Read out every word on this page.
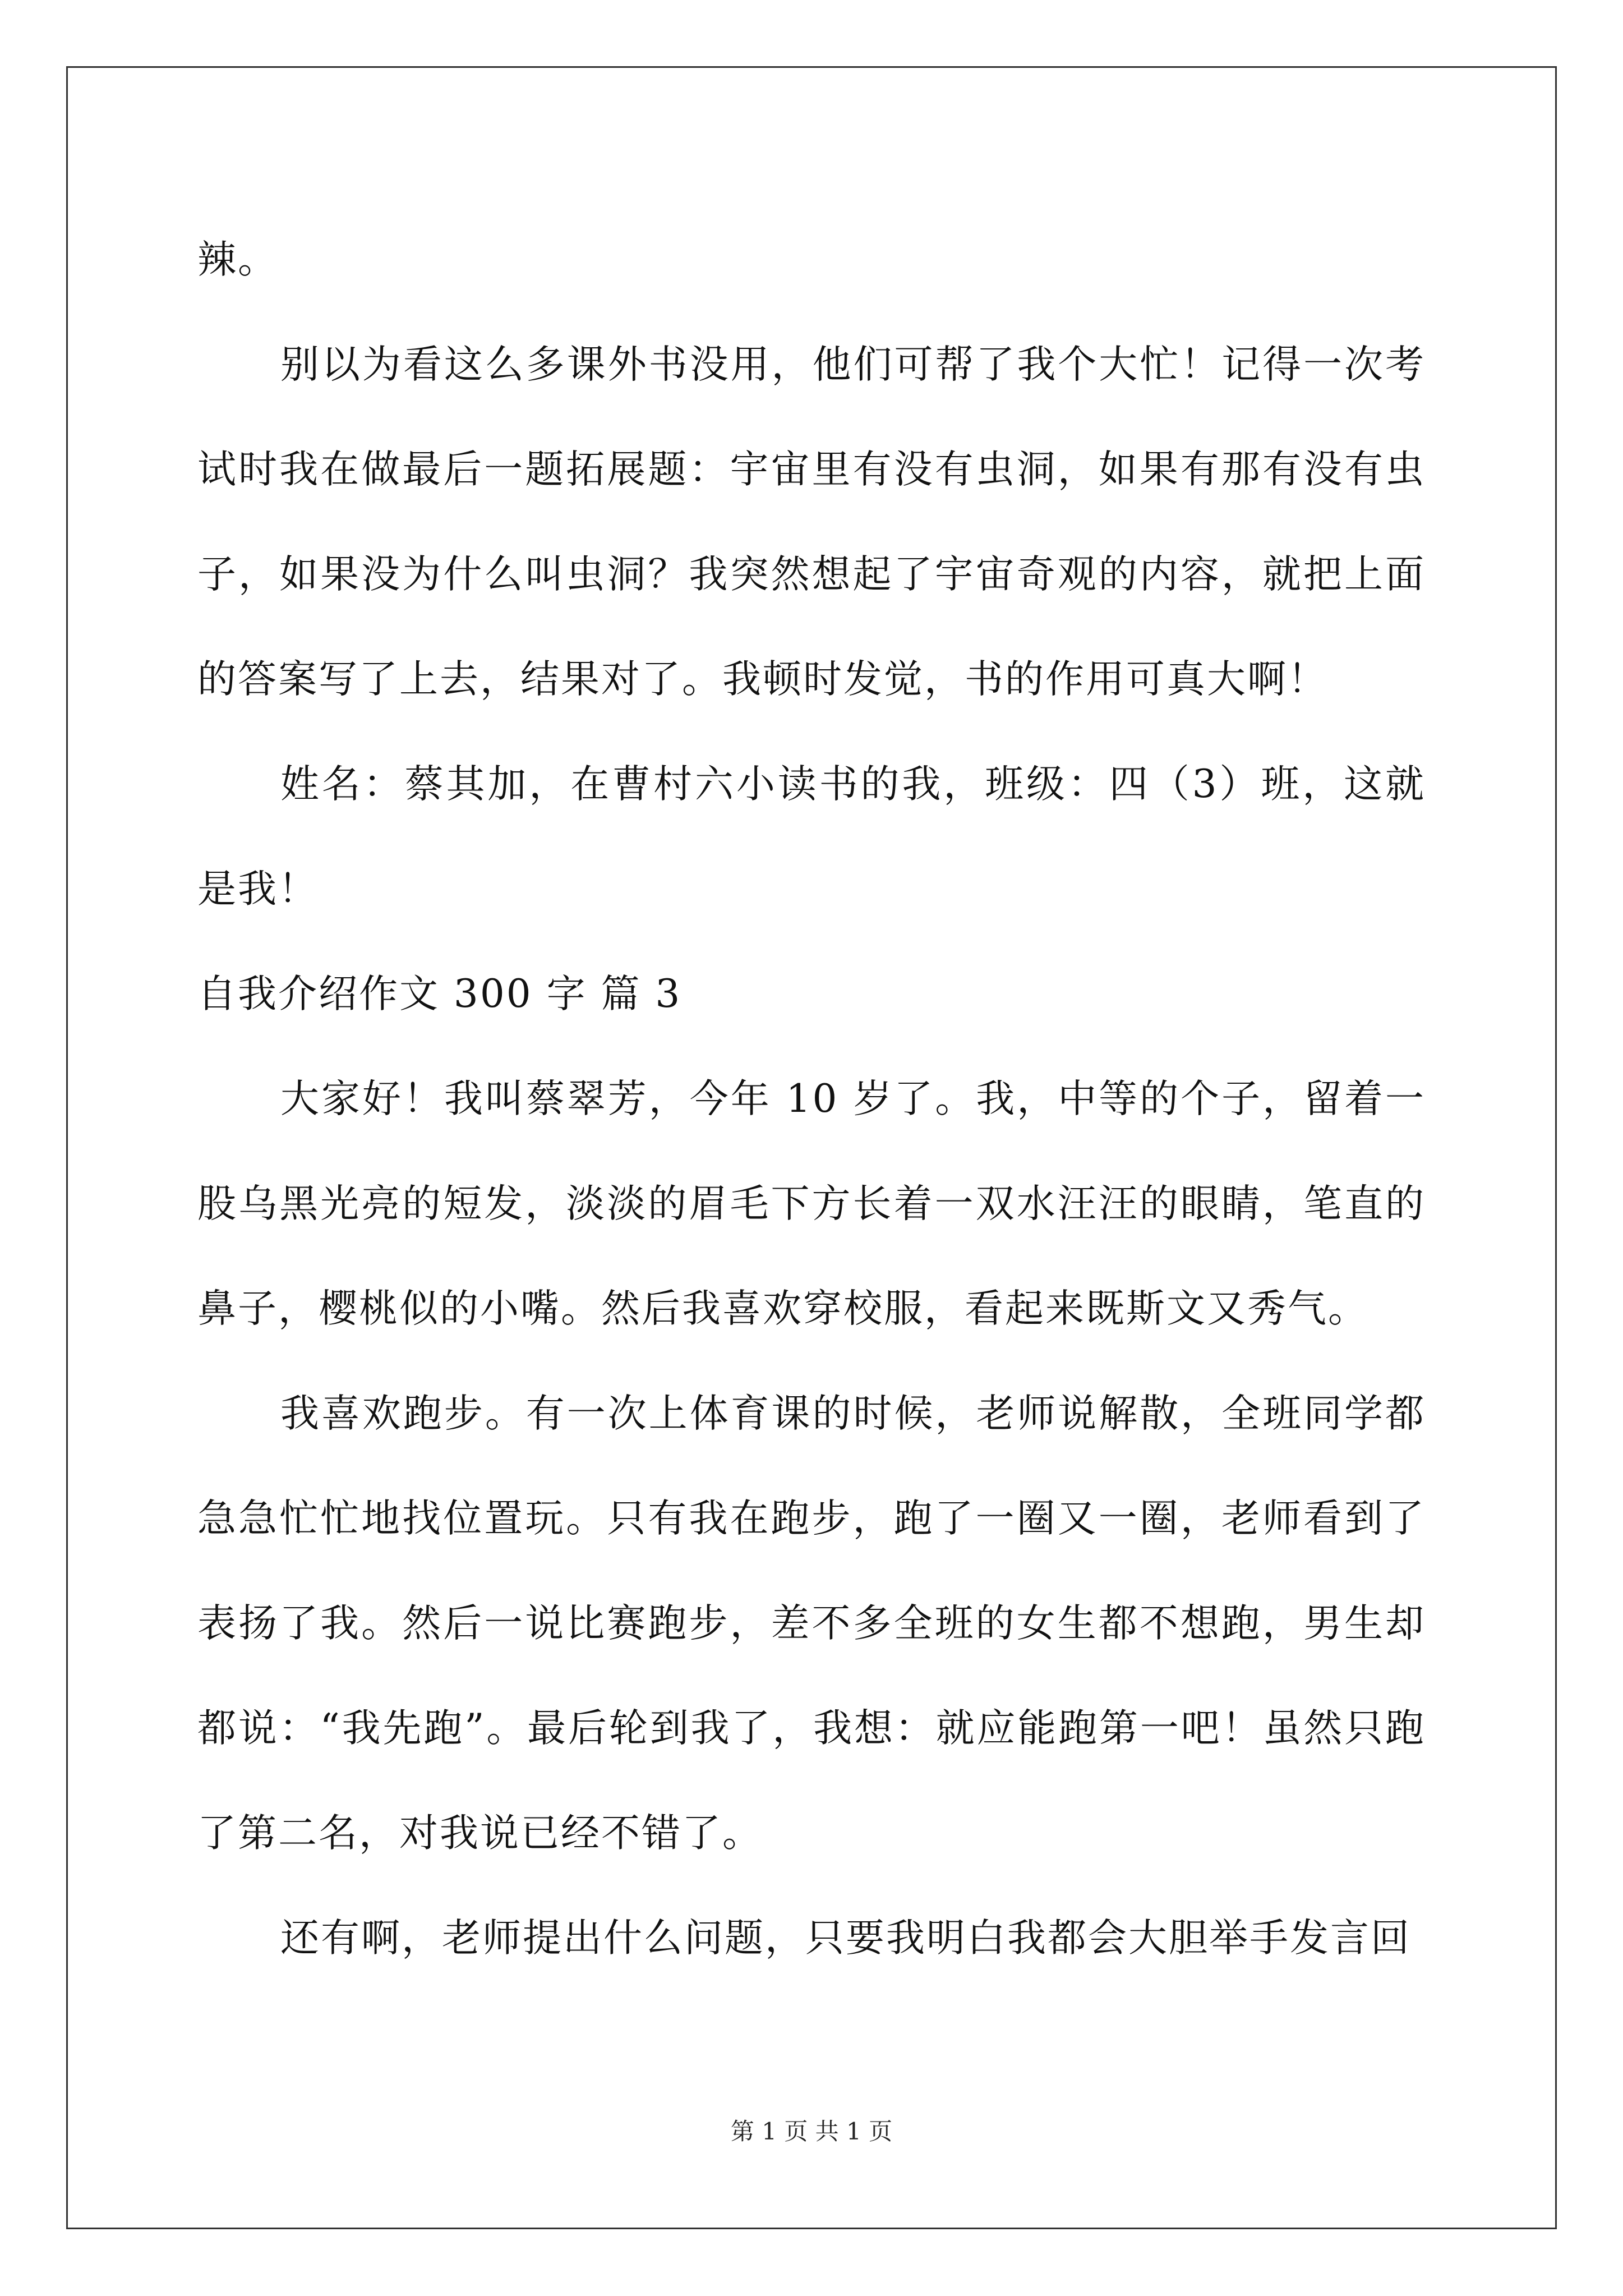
辣。

别以为看这么多课外书没用，他们可帮了我个大忙！记得一次考试时我在做最后一题拓展题：宇宙里有没有虫洞，如果有那有没有虫子，如果没为什么叫虫洞？我突然想起了宇宙奇观的内容，就把上面的答案写了上去，结果对了。我顿时发觉，书的作用可真大啊！

姓名：蔡其加，在曹村六小读书的我，班级：四（3）班，这就是我！

自我介绍作文 300 字 篇 3

大家好！我叫蔡翠芳，今年 10 岁了。我，中等的个子，留着一股乌黑光亮的短发，淡淡的眉毛下方长着一双水汪汪的眼睛，笔直的鼻子，樱桃似的小嘴。然后我喜欢穿校服，看起来既斯文又秀气。

我喜欢跑步。有一次上体育课的时候，老师说解散，全班同学都急急忙忙地找位置玩。只有我在跑步，跑了一圈又一圈，老师看到了表扬了我。然后一说比赛跑步，差不多全班的女生都不想跑，男生却都说：“我先跑”。最后轮到我了，我想：就应能跑第一吧！虽然只跑了第二名，对我说已经不错了。

还有啊，老师提出什么问题，只要我明白我都会大胆举手发言回

第 1 页 共 1 页
